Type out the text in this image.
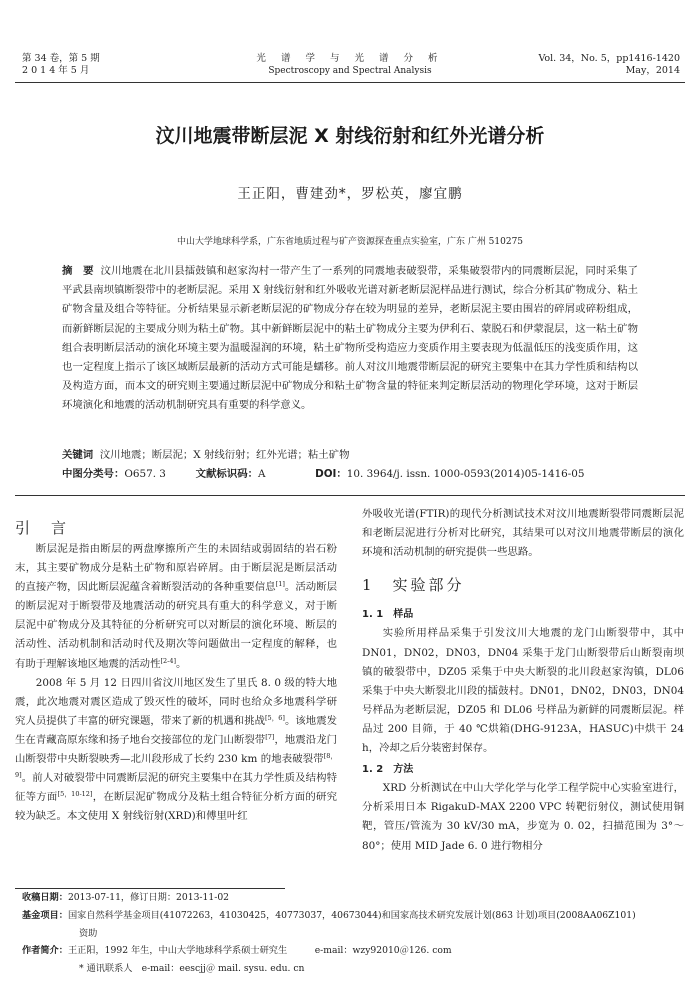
第 34 卷，第 5 期
2 0 1 4 年 5 月
光 谱 学 与 光 谱 分 析
Spectroscopy and Spectral Analysis
Vol. 34，No. 5，pp1416-1420
May，2014
汶川地震带断层泥 X 射线衍射和红外光谱分析
王正阳，曹建劲*，罗松英，廖宜鹏
中山大学地球科学系，广东省地质过程与矿产资源探查重点实验室，广东 广州 510275
摘　要 汶川地震在北川县擂鼓镇和赵家沟村一带产生了一系列的同震地表破裂带，采集破裂带内的同震断层泥，同时采集了平武县南坝镇断裂带中的老断层泥。采用 X 射线衍射和红外吸收光谱对新老断层泥样品进行测试，综合分析其矿物成分、粘土矿物含量及组合等特征。分析结果显示新老断层泥的矿物成分存在较为明显的差异，老断层泥主要由围岩的碎屑或碎粉组成，而新鲜断层泥的主要成分则为粘土矿物。其中新鲜断层泥中的粘土矿物成分主要为伊利石、蒙脱石和伊蒙混层，这一粘土矿物组合表明断层活动的演化环境主要为温暖湿润的环境，粘土矿物所受构造应力变质作用主要表现为低温低压的浅变质作用，这也一定程度上指示了该区域断层最新的活动方式可能是蠕移。前人对汶川地震带断层泥的研究主要集中在其力学性质和结构以及构造方面，而本文的研究则主要通过断层泥中矿物成分和粘土矿物含量的特征来判定断层活动的物理化学环境，这对于断层环境演化和地震的活动机制研究具有重要的科学意义。
关键词 汶川地震；断层泥；X 射线衍射；红外光谱；粘土矿物
中图分类号：O657. 3	文献标识码：A	DOI：10. 3964/j. issn. 1000-0593(2014)05-1416-05
引　言

断层泥是指由断层的两盘摩擦所产生的未固结或弱固结的岩石粉末，其主要矿物成分是粘土矿物和原岩碎屑。由于断层泥是断层活动的直接产物，因此断层泥蕴含着断裂活动的各种重要信息[1]。活动断层的断层泥对于断裂带及地震活动的研究具有重大的科学意义，对于断层泥中矿物成分及其特征的分析研究可以对断层的演化环境、断层的活动性、活动机制和活动时代及期次等问题做出一定程度的解释，也有助于理解该地区地震的活动性[2-4]。

2008 年 5 月 12 日四川省汶川地区发生了里氏 8. 0 级的特大地震，此次地震对震区造成了毁灭性的破坏，同时也给众多地震科学研究人员提供了丰富的研究课题，带来了新的机遇和挑战[5，6]。该地震发生在青藏高原东缘和扬子地台交接部位的龙门山断裂带[7]，地震沿龙门山断裂带中央断裂映秀—北川段形成了长约 230 km 的地表破裂带[8，9]。前人对破裂带中同震断层泥的研究主要集中在其力学性质及结构特征等方面[5，10-12]，在断层泥矿物成分及粘土组合特征分析方面的研究较为缺乏。本文使用 X 射线衍射(XRD)和傅里叶红

外吸收光谱(FTIR)的现代分析测试技术对汶川地震断裂带同震断层泥和老断层泥进行分析对比研究，其结果可以对汶川地震带断层的演化环境和活动机制的研究提供一些思路。
1　实验部分
1. 1　样品

实验所用样品采集于引发汶川大地震的龙门山断裂带中，其中 DN01，DN02，DN03，DN04 采集于龙门山断裂带后山断裂南坝镇的破裂带中，DZ05 采集于中央大断裂的北川段赵家沟镇，DL06 采集于中央大断裂北川段的擂鼓村。DN01，DN02，DN03，DN04 号样品为老断层泥，DZ05 和 DL06 号样品为新鲜的同震断层泥。样品过 200 目筛，于 40 ℃烘箱(DHG-9123A，HASUC)中烘干 24 h，冷却之后分装密封保存。

1. 2　方法

XRD 分析测试在中山大学化学与化学工程学院中心实验室进行，分析采用日本 RigakuD-MAX 2200 VPC 转靶衍射仪，测试使用铜靶，管压/管流为 30 kV/30 mA，步宽为 0. 02，扫描范围为 3°～80°；使用 MID Jade 6. 0 进行物相分

收稿日期：2013-07-11，修订日期：2013-11-02
基金项目：国家自然科学基金项目(41072263，41030425，40773037，40673044)和国家高技术研究发展计划(863 计划)项目(2008AA06Z101)
资助
作者简介：王正阳，1992 年生，中山大学地球科学系硕士研究生　　　e-mail：wzy92010＠126. com
* 通讯联系人　e-mail：eescjj＠ mail. sysu. edu. cn
